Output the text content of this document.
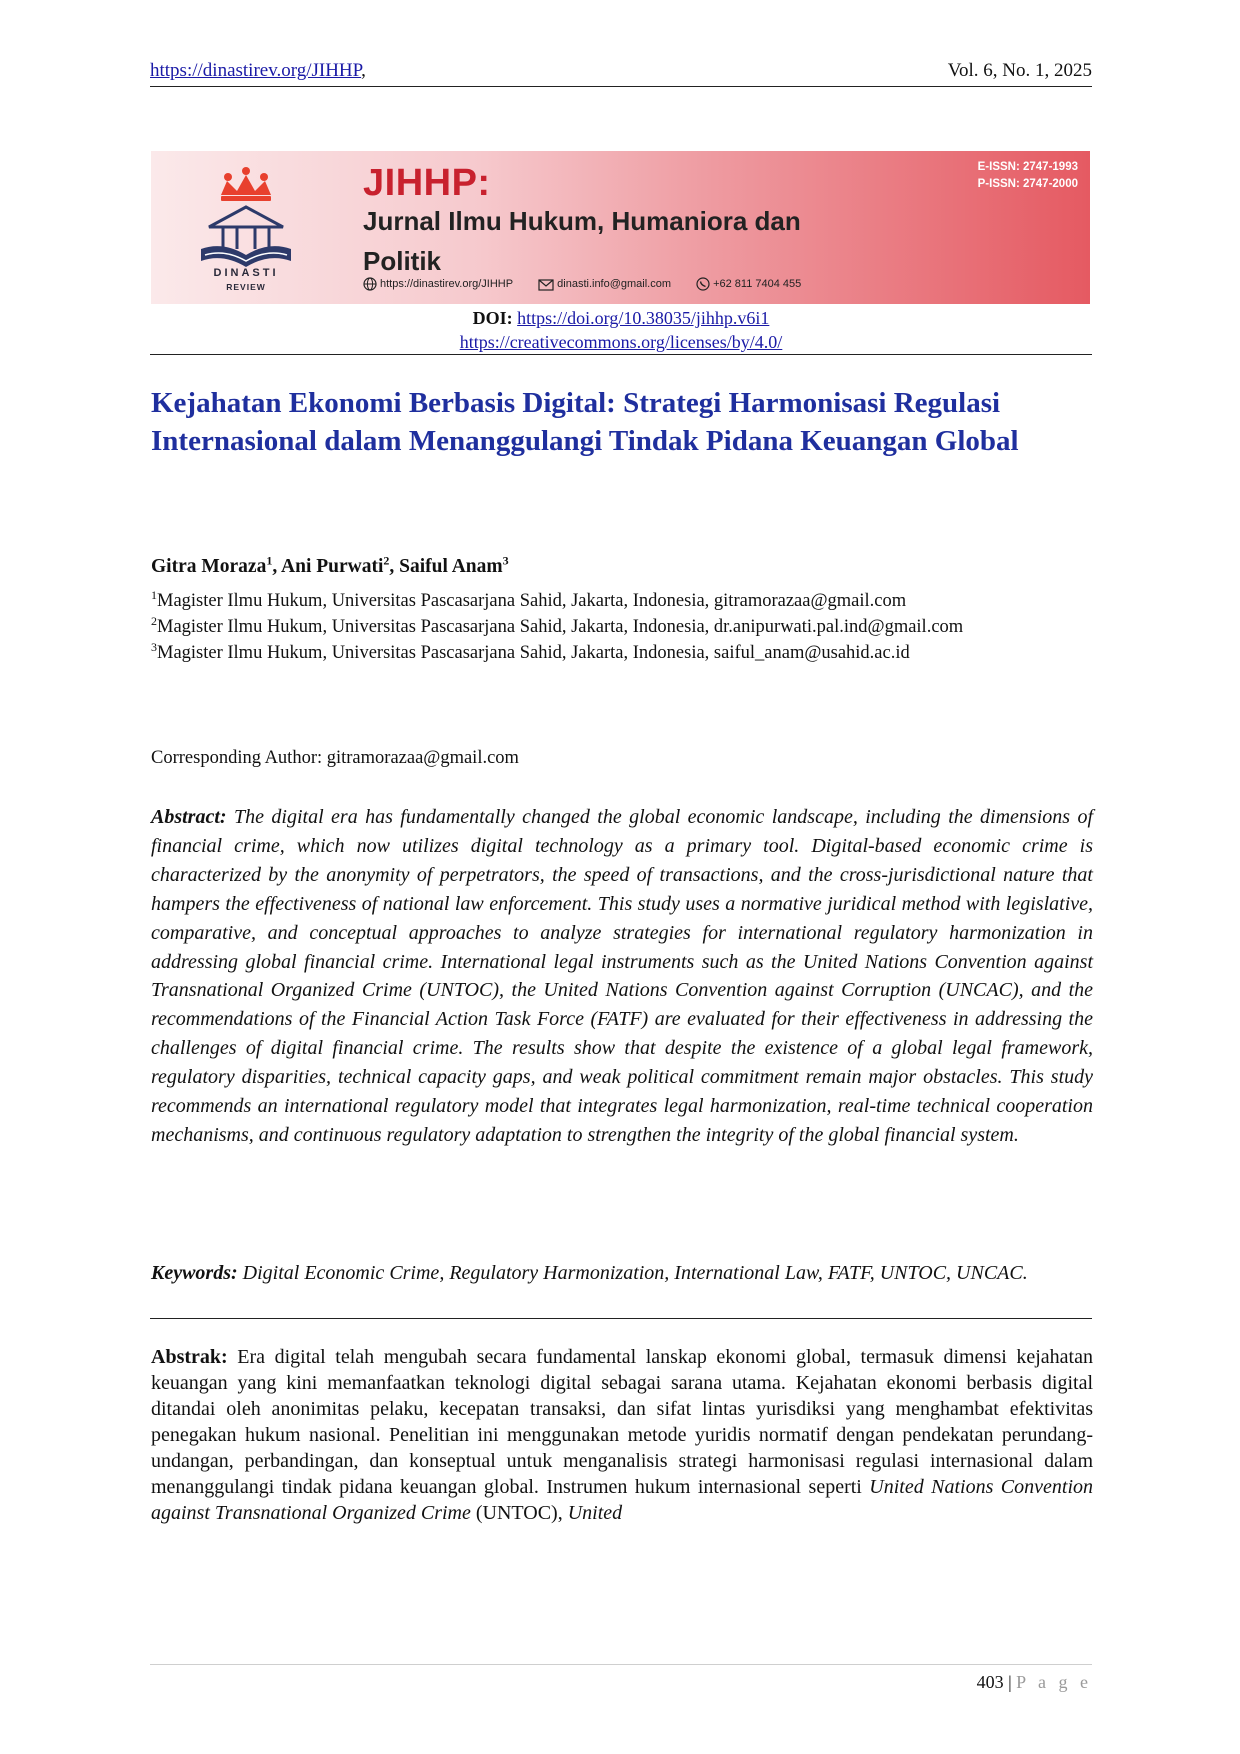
https://dinastirev.org/JIHHP,	Vol. 6, No. 1, 2025
DINASTI
REVIEW
JIHHP:
Jurnal Ilmu Hukum, Humaniora dan Politik
https://dinastirev.org/JIHHP	dinasti.info@gmail.com	+62 811 7404 455
E-ISSN: 2747-1993
P-ISSN: 2747-2000
DOI: https://doi.org/10.38035/jihhp.v6i1
https://creativecommons.org/licenses/by/4.0/
Kejahatan Ekonomi Berbasis Digital: Strategi Harmonisasi Regulasi Internasional dalam Menanggulangi Tindak Pidana Keuangan Global
Gitra Moraza$^1$, Ani Purwati$^2$, Saiful Anam$^3$
$^1$Magister Ilmu Hukum, Universitas Pascasarjana Sahid, Jakarta, Indonesia, gitramorazaa@gmail.com
$^2$Magister Ilmu Hukum, Universitas Pascasarjana Sahid, Jakarta, Indonesia, dr.anipurwati.pal.ind@gmail.com
$^3$Magister Ilmu Hukum, Universitas Pascasarjana Sahid, Jakarta, Indonesia, saiful_anam@usahid.ac.id
Corresponding Author: gitramorazaa@gmail.com
Abstract: The digital era has fundamentally changed the global economic landscape, including the dimensions of financial crime, which now utilizes digital technology as a primary tool. Digital-based economic crime is characterized by the anonymity of perpetrators, the speed of transactions, and the cross-jurisdictional nature that hampers the effectiveness of national law enforcement. This study uses a normative juridical method with legislative, comparative, and conceptual approaches to analyze strategies for international regulatory harmonization in addressing global financial crime. International legal instruments such as the United Nations Convention against Transnational Organized Crime (UNTOC), the United Nations Convention against Corruption (UNCAC), and the recommendations of the Financial Action Task Force (FATF) are evaluated for their effectiveness in addressing the challenges of digital financial crime. The results show that despite the existence of a global legal framework, regulatory disparities, technical capacity gaps, and weak political commitment remain major obstacles. This study recommends an international regulatory model that integrates legal harmonization, real-time technical cooperation mechanisms, and continuous regulatory adaptation to strengthen the integrity of the global financial system.
Keywords: Digital Economic Crime, Regulatory Harmonization, International Law, FATF, UNTOC, UNCAC.
Abstrak: Era digital telah mengubah secara fundamental lanskap ekonomi global, termasuk dimensi kejahatan keuangan yang kini memanfaatkan teknologi digital sebagai sarana utama. Kejahatan ekonomi berbasis digital ditandai oleh anonimitas pelaku, kecepatan transaksi, dan sifat lintas yurisdiksi yang menghambat efektivitas penegakan hukum nasional. Penelitian ini menggunakan metode yuridis normatif dengan pendekatan perundang-undangan, perbandingan, dan konseptual untuk menganalisis strategi harmonisasi regulasi internasional dalam menanggulangi tindak pidana keuangan global. Instrumen hukum internasional seperti United Nations Convention against Transnational Organized Crime (UNTOC), United
403 | P a g e
